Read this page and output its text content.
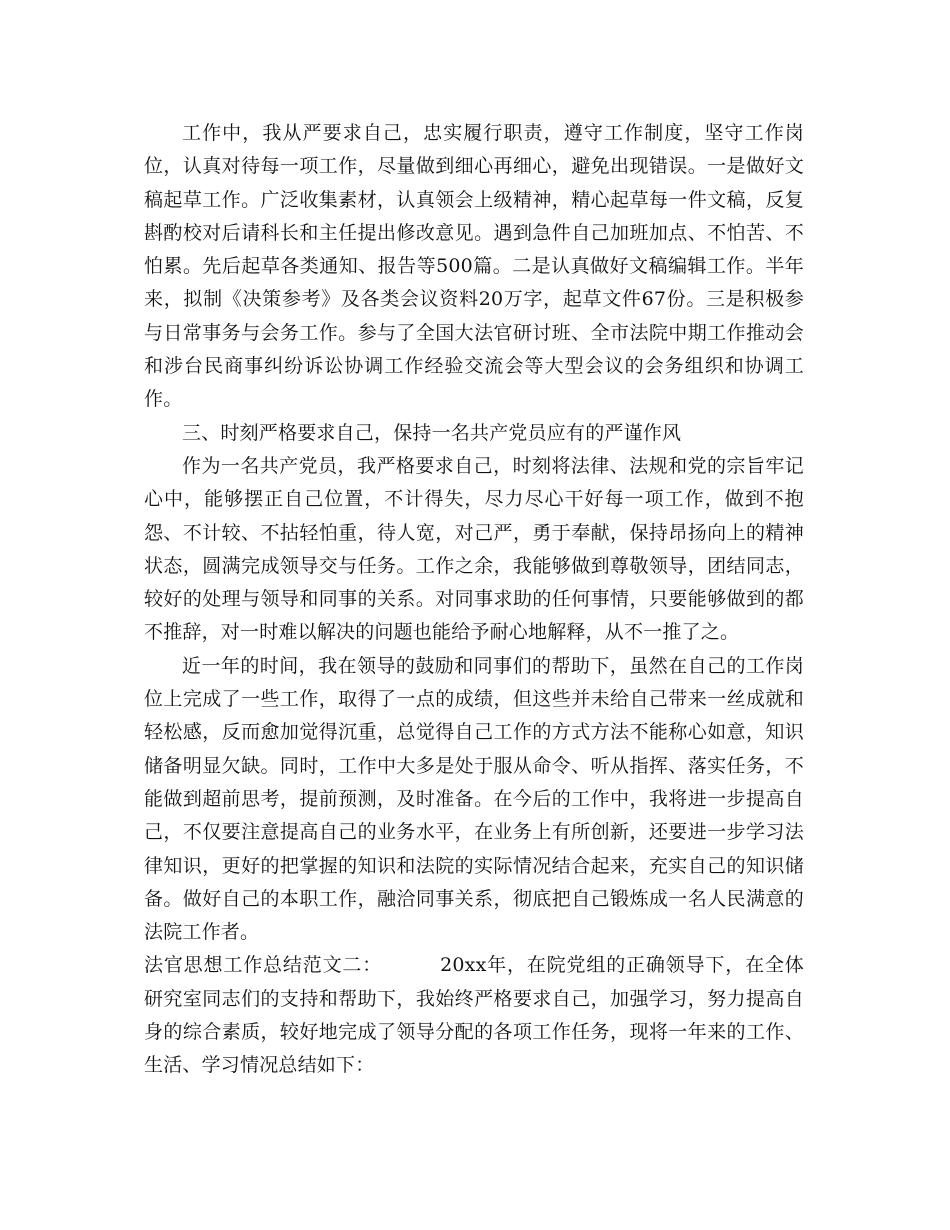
工作中，我从严要求自己，忠实履行职责，遵守工作制度，坚守工作岗位，认真对待每一项工作，尽量做到细心再细心，避免出现错误。一是做好文稿起草工作。广泛收集素材，认真领会上级精神，精心起草每一件文稿，反复斟酌校对后请科长和主任提出修改意见。遇到急件自己加班加点、不怕苦、不怕累。先后起草各类通知、报告等500篇。二是认真做好文稿编辑工作。半年来，拟制《决策参考》及各类会议资料20万字，起草文件67份。三是积极参与日常事务与会务工作。参与了全国大法官研讨班、全市法院中期工作推动会和涉台民商事纠纷诉讼协调工作经验交流会等大型会议的会务组织和协调工作。

三、时刻严格要求自己，保持一名共产党员应有的严谨作风

作为一名共产党员，我严格要求自己，时刻将法律、法规和党的宗旨牢记心中，能够摆正自己位置，不计得失，尽力尽心干好每一项工作，做到不抱怨、不计较、不拈轻怕重，待人宽，对己严，勇于奉献，保持昂扬向上的精神状态，圆满完成领导交与任务。工作之余，我能够做到尊敬领导，团结同志，较好的处理与领导和同事的关系。对同事求助的任何事情，只要能够做到的都不推辞，对一时难以解决的问题也能给予耐心地解释，从不一推了之。

近一年的时间，我在领导的鼓励和同事们的帮助下，虽然在自己的工作岗位上完成了一些工作，取得了一点的成绩，但这些并未给自己带来一丝成就和轻松感，反而愈加觉得沉重，总觉得自己工作的方式方法不能称心如意，知识储备明显欠缺。同时，工作中大多是处于服从命令、听从指挥、落实任务，不能做到超前思考，提前预测，及时准备。在今后的工作中，我将进一步提高自己，不仅要注意提高自己的业务水平，在业务上有所创新，还要进一步学习法律知识，更好的把掌握的知识和法院的实际情况结合起来，充实自己的知识储备。做好自己的本职工作，融洽同事关系，彻底把自己锻炼成一名人民满意的法院工作者。

法官思想工作总结范文二：	20xx年，在院党组的正确领导下，在全体研究室同志们的支持和帮助下，我始终严格要求自己，加强学习，努力提高自身的综合素质，较好地完成了领导分配的各项工作任务，现将一年来的工作、生活、学习情况总结如下：
